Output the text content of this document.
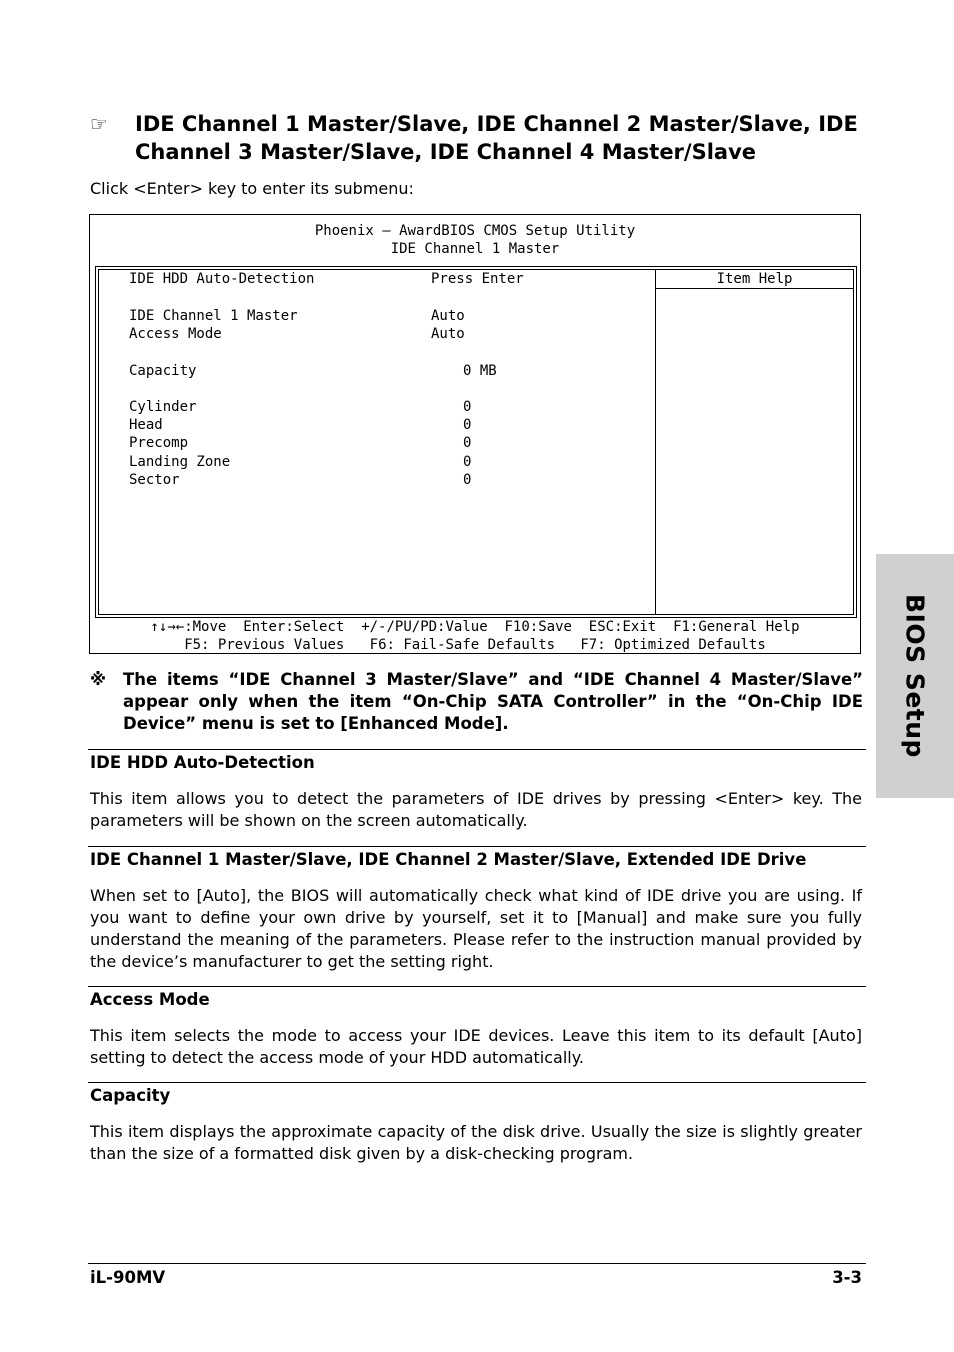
BIOS Setup
☞ IDE Channel 1 Master/Slave, IDE Channel 2 Master/Slave, IDE Channel 3 Master/Slave, IDE Channel 4 Master/Slave
Click <Enter> key to enter its submenu:
Phoenix – AwardBIOS CMOS Setup Utility
IDE Channel 1 Master
Item Help
IDE HDD Auto-Detection	Press Enter
IDE Channel 1 Master	Auto
Access Mode	Auto
Capacity	0 MB
Cylinder	0
Head	0
Precomp	0
Landing Zone	0
Sector	0
↑↓→←:Move  Enter:Select  +/-/PU/PD:Value  F10:Save  ESC:Exit  F1:General Help
F5: Previous Values   F6: Fail-Safe Defaults   F7: Optimized Defaults
※ The items “IDE Channel 3 Master/Slave” and “IDE Channel 4 Master/Slave” appear only when the item “On-Chip SATA Controller” in the “On-Chip IDE Device” menu is set to [Enhanced Mode].
IDE HDD Auto-Detection
This item allows you to detect the parameters of IDE drives by pressing <Enter> key. The parameters will be shown on the screen automatically.
IDE Channel 1 Master/Slave, IDE Channel 2 Master/Slave, Extended IDE Drive
When set to [Auto], the BIOS will automatically check what kind of IDE drive you are using. If you want to define your own drive by yourself, set it to [Manual] and make sure you fully understand the meaning of the parameters. Please refer to the instruction manual provided by the device’s manufacturer to get the setting right.
Access Mode
This item selects the mode to access your IDE devices. Leave this item to its default [Auto] setting to detect the access mode of your HDD automatically.
Capacity
This item displays the approximate capacity of the disk drive. Usually the size is slightly greater than the size of a formatted disk given by a disk-checking program.
iL-90MV	3-3
